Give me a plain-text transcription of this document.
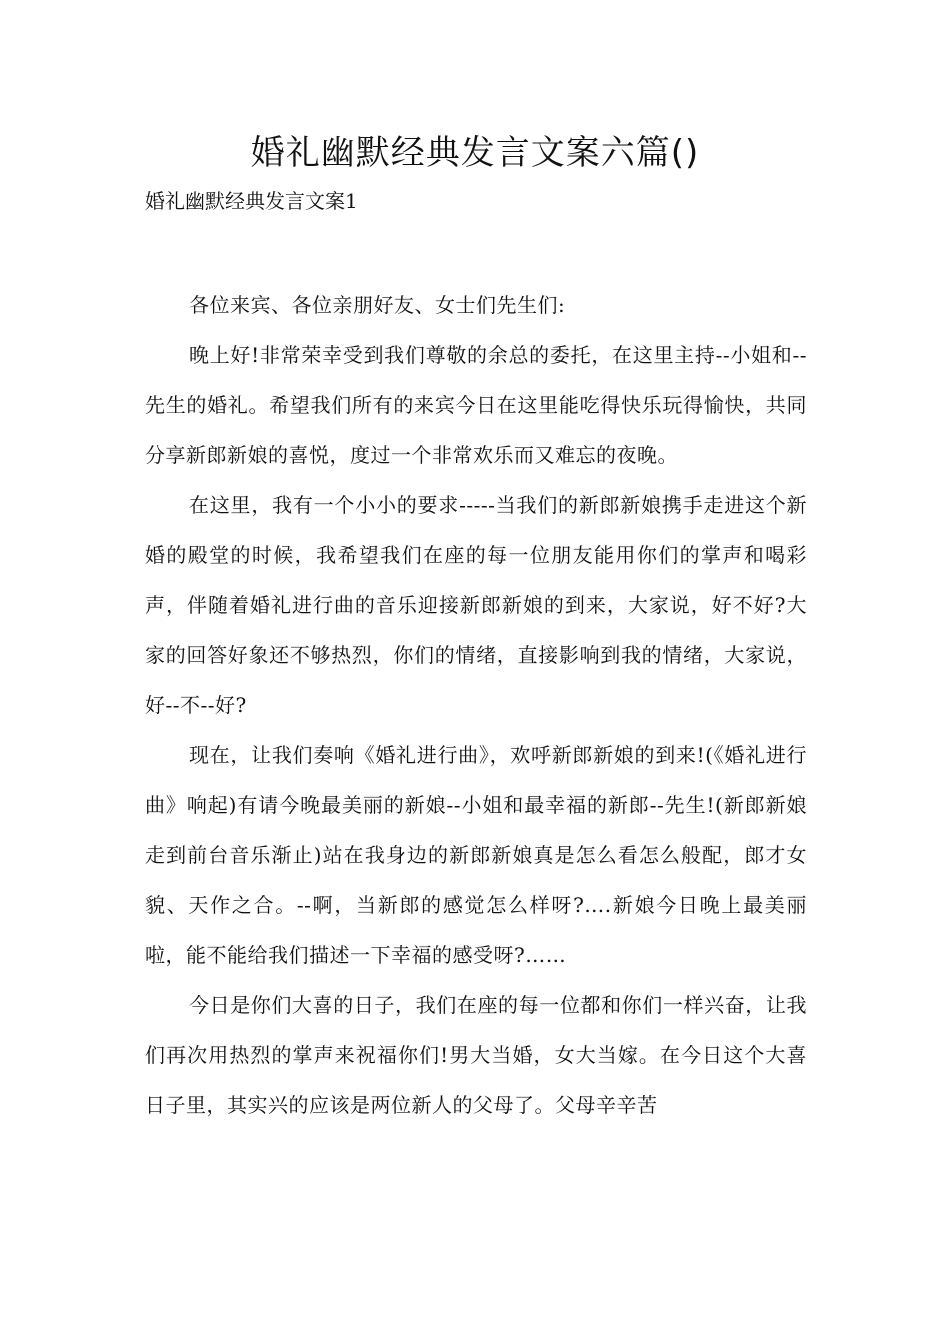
婚礼幽默经典发言文案六篇()

婚礼幽默经典发言文案1

各位来宾、各位亲朋好友、女士们先生们:

晚上好!非常荣幸受到我们尊敬的余总的委托，在这里主持--小姐和--先生的婚礼。希望我们所有的来宾今日在这里能吃得快乐玩得愉快，共同分享新郎新娘的喜悦，度过一个非常欢乐而又难忘的夜晚。

在这里，我有一个小小的要求-----当我们的新郎新娘携手走进这个新婚的殿堂的时候，我希望我们在座的每一位朋友能用你们的掌声和喝彩声，伴随着婚礼进行曲的音乐迎接新郎新娘的到来，大家说，好不好?大家的回答好象还不够热烈，你们的情绪，直接影响到我的情绪，大家说，好--不--好?

现在，让我们奏响《婚礼进行曲》，欢呼新郎新娘的到来!(《婚礼进行曲》响起)有请今晚最美丽的新娘--小姐和最幸福的新郎--先生!(新郎新娘走到前台音乐渐止)站在我身边的新郎新娘真是怎么看怎么般配，郎才女貌、天作之合。--啊，当新郎的感觉怎么样呀?….新娘今日晚上最美丽啦，能不能给我们描述一下幸福的感受呀?……

今日是你们大喜的日子，我们在座的每一位都和你们一样兴奋，让我们再次用热烈的掌声来祝福你们!男大当婚，女大当嫁。在今日这个大喜日子里，其实兴的应该是两位新人的父母了。父母辛辛苦
